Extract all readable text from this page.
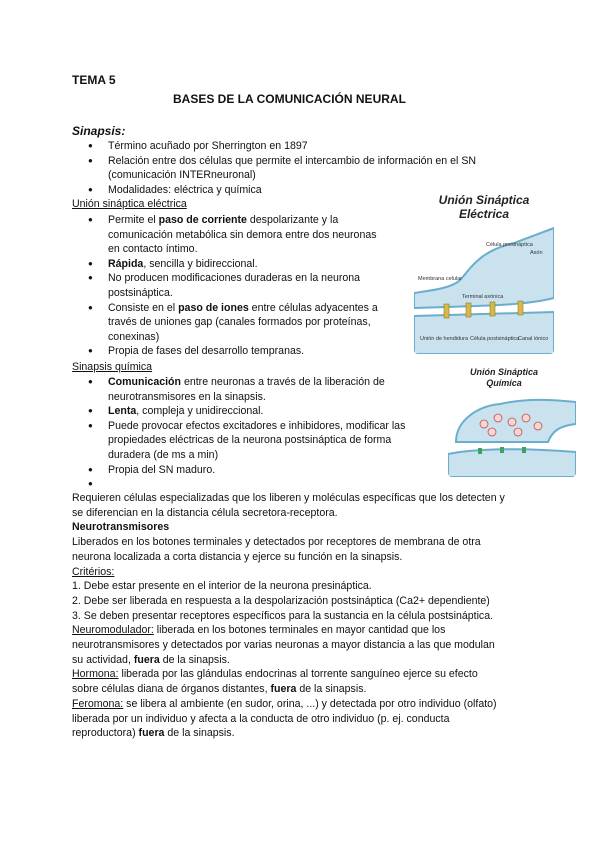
TEMA 5
BASES DE LA COMUNICACIÓN NEURAL
Sinapsis:
● Término acuñado por Sherrington en 1897
● Relación entre dos células que permite el intercambio de información en el SN
(comunicación INTERneuronal)
● Modalidades: eléctrica y química
Unión sináptica eléctrica
● Permite el paso de corriente despolarizante y la
comunicación metabólica sin demora entre dos neuronas
en contacto íntimo.
● Rápida, sencilla y bidireccional.
● No producen modificaciones duraderas en la neurona
postsináptica.
● Consiste en el paso de iones entre células adyacentes a
través de uniones gap (canales formados por proteínas,
conexinas)
● Propia de fases del desarrollo tempranas.
Sinapsis química
● Comunicación entre neuronas a través de la liberación de
neurotransmisores en la sinapsis.
● Lenta, compleja y unidireccional.
● Puede provocar efectos excitadores e inhibidores, modificar las
propiedades eléctricas de la neurona postsináptica de forma
duradera (de ms a min)
● Propia del SN maduro.
●
Requieren células especializadas que los liberen y moléculas específicas que los detecten y
se diferencian en la distancia célula secretora-receptora.
Neurotransmisores
Liberados en los botones terminales y detectados por receptores de membrana de otra
neurona localizada a corta distancia y ejerce su función en la sinapsis.
Critérios:
1. Debe estar presente en el interior de la neurona presináptica.
2. Debe ser liberada en respuesta a la despolarización postsináptica (Ca2+ dependiente)
3. Se deben presentar receptores específicos para la sustancia en la célula postsináptica.
Neuromodulador: liberada en los botones terminales en mayor cantidad que los
neurotransmisores y detectados por varias neuronas a mayor distancia a las que modulan
su actividad, fuera de la sinapsis.
Hormona: liberada por las glándulas endocrinas al torrente sanguíneo ejerce su efecto
sobre células diana de órganos distantes, fuera de la sinapsis.
Feromona: se libera al ambiente (en sudor, orina, ...) y detectada por otro individuo (olfato)
liberada por un individuo y afecta a la conducta de otro individuo (p. ej. conducta
reproductora) fuera de la sinapsis.
Unión Sináptica
Eléctrica
Célula presináptica
Axón
Membrana celular
Terminal axónica
Unión de hendidura Célula postsináptica
Canal iónico
Unión Sináptica
Química
